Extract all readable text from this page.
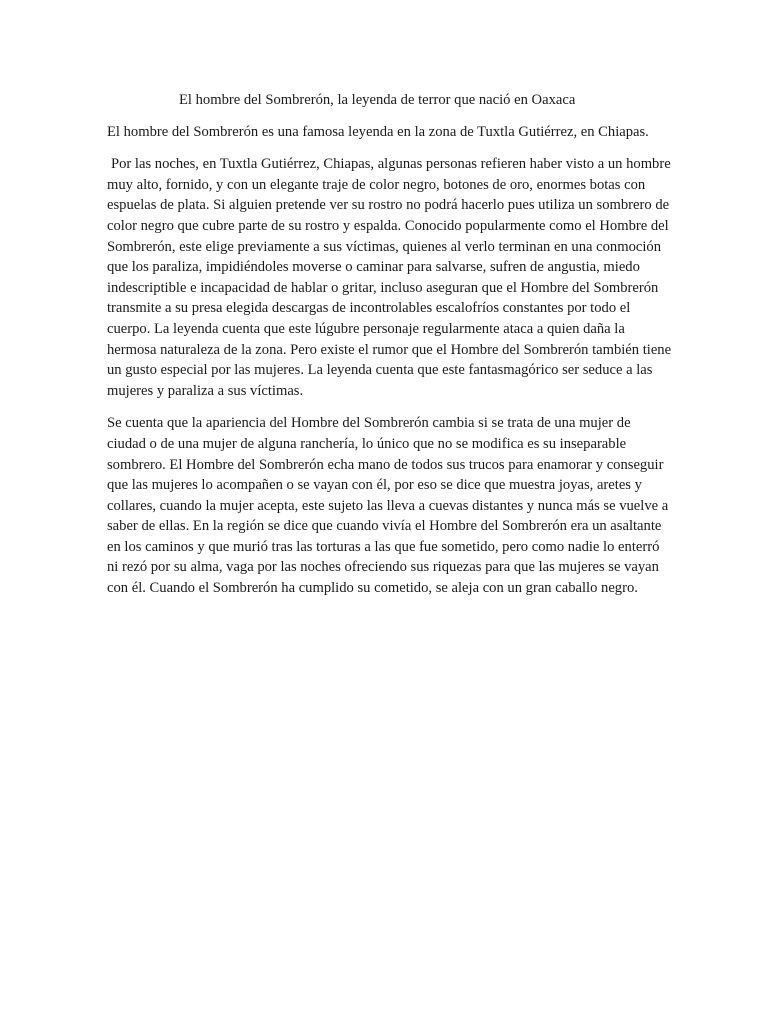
El hombre del Sombrerón, la leyenda de terror que nació en Oaxaca

El hombre del Sombrerón es una famosa leyenda en la zona de Tuxtla Gutiérrez, en Chiapas.

Por las noches, en Tuxtla Gutiérrez, Chiapas, algunas personas refieren haber visto a un hombre muy alto, fornido, y con un elegante traje de color negro, botones de oro, enormes botas con espuelas de plata. Si alguien pretende ver su rostro no podrá hacerlo pues utiliza un sombrero de color negro que cubre parte de su rostro y espalda. Conocido popularmente como el Hombre del Sombrerón, este elige previamente a sus víctimas, quienes al verlo terminan en una conmoción que los paraliza, impidiéndoles moverse o caminar para salvarse, sufren de angustia, miedo indescriptible e incapacidad de hablar o gritar, incluso aseguran que el Hombre del Sombrerón transmite a su presa elegida descargas de incontrolables escalofríos constantes por todo el cuerpo. La leyenda cuenta que este lúgubre personaje regularmente ataca a quien daña la hermosa naturaleza de la zona. Pero existe el rumor que el Hombre del Sombrerón también tiene un gusto especial por las mujeres. La leyenda cuenta que este fantasmagórico ser seduce a las mujeres y paraliza a sus víctimas.

Se cuenta que la apariencia del Hombre del Sombrerón cambia si se trata de una mujer de ciudad o de una mujer de alguna ranchería, lo único que no se modifica es su inseparable sombrero. El Hombre del Sombrerón echa mano de todos sus trucos para enamorar y conseguir que las mujeres lo acompañen o se vayan con él, por eso se dice que muestra joyas, aretes y collares, cuando la mujer acepta, este sujeto las lleva a cuevas distantes y nunca más se vuelve a saber de ellas. En la región se dice que cuando vivía el Hombre del Sombrerón era un asaltante en los caminos y que murió tras las torturas a las que fue sometido, pero como nadie lo enterró ni rezó por su alma, vaga por las noches ofreciendo sus riquezas para que las mujeres se vayan con él. Cuando el Sombrerón ha cumplido su cometido, se aleja con un gran caballo negro.
